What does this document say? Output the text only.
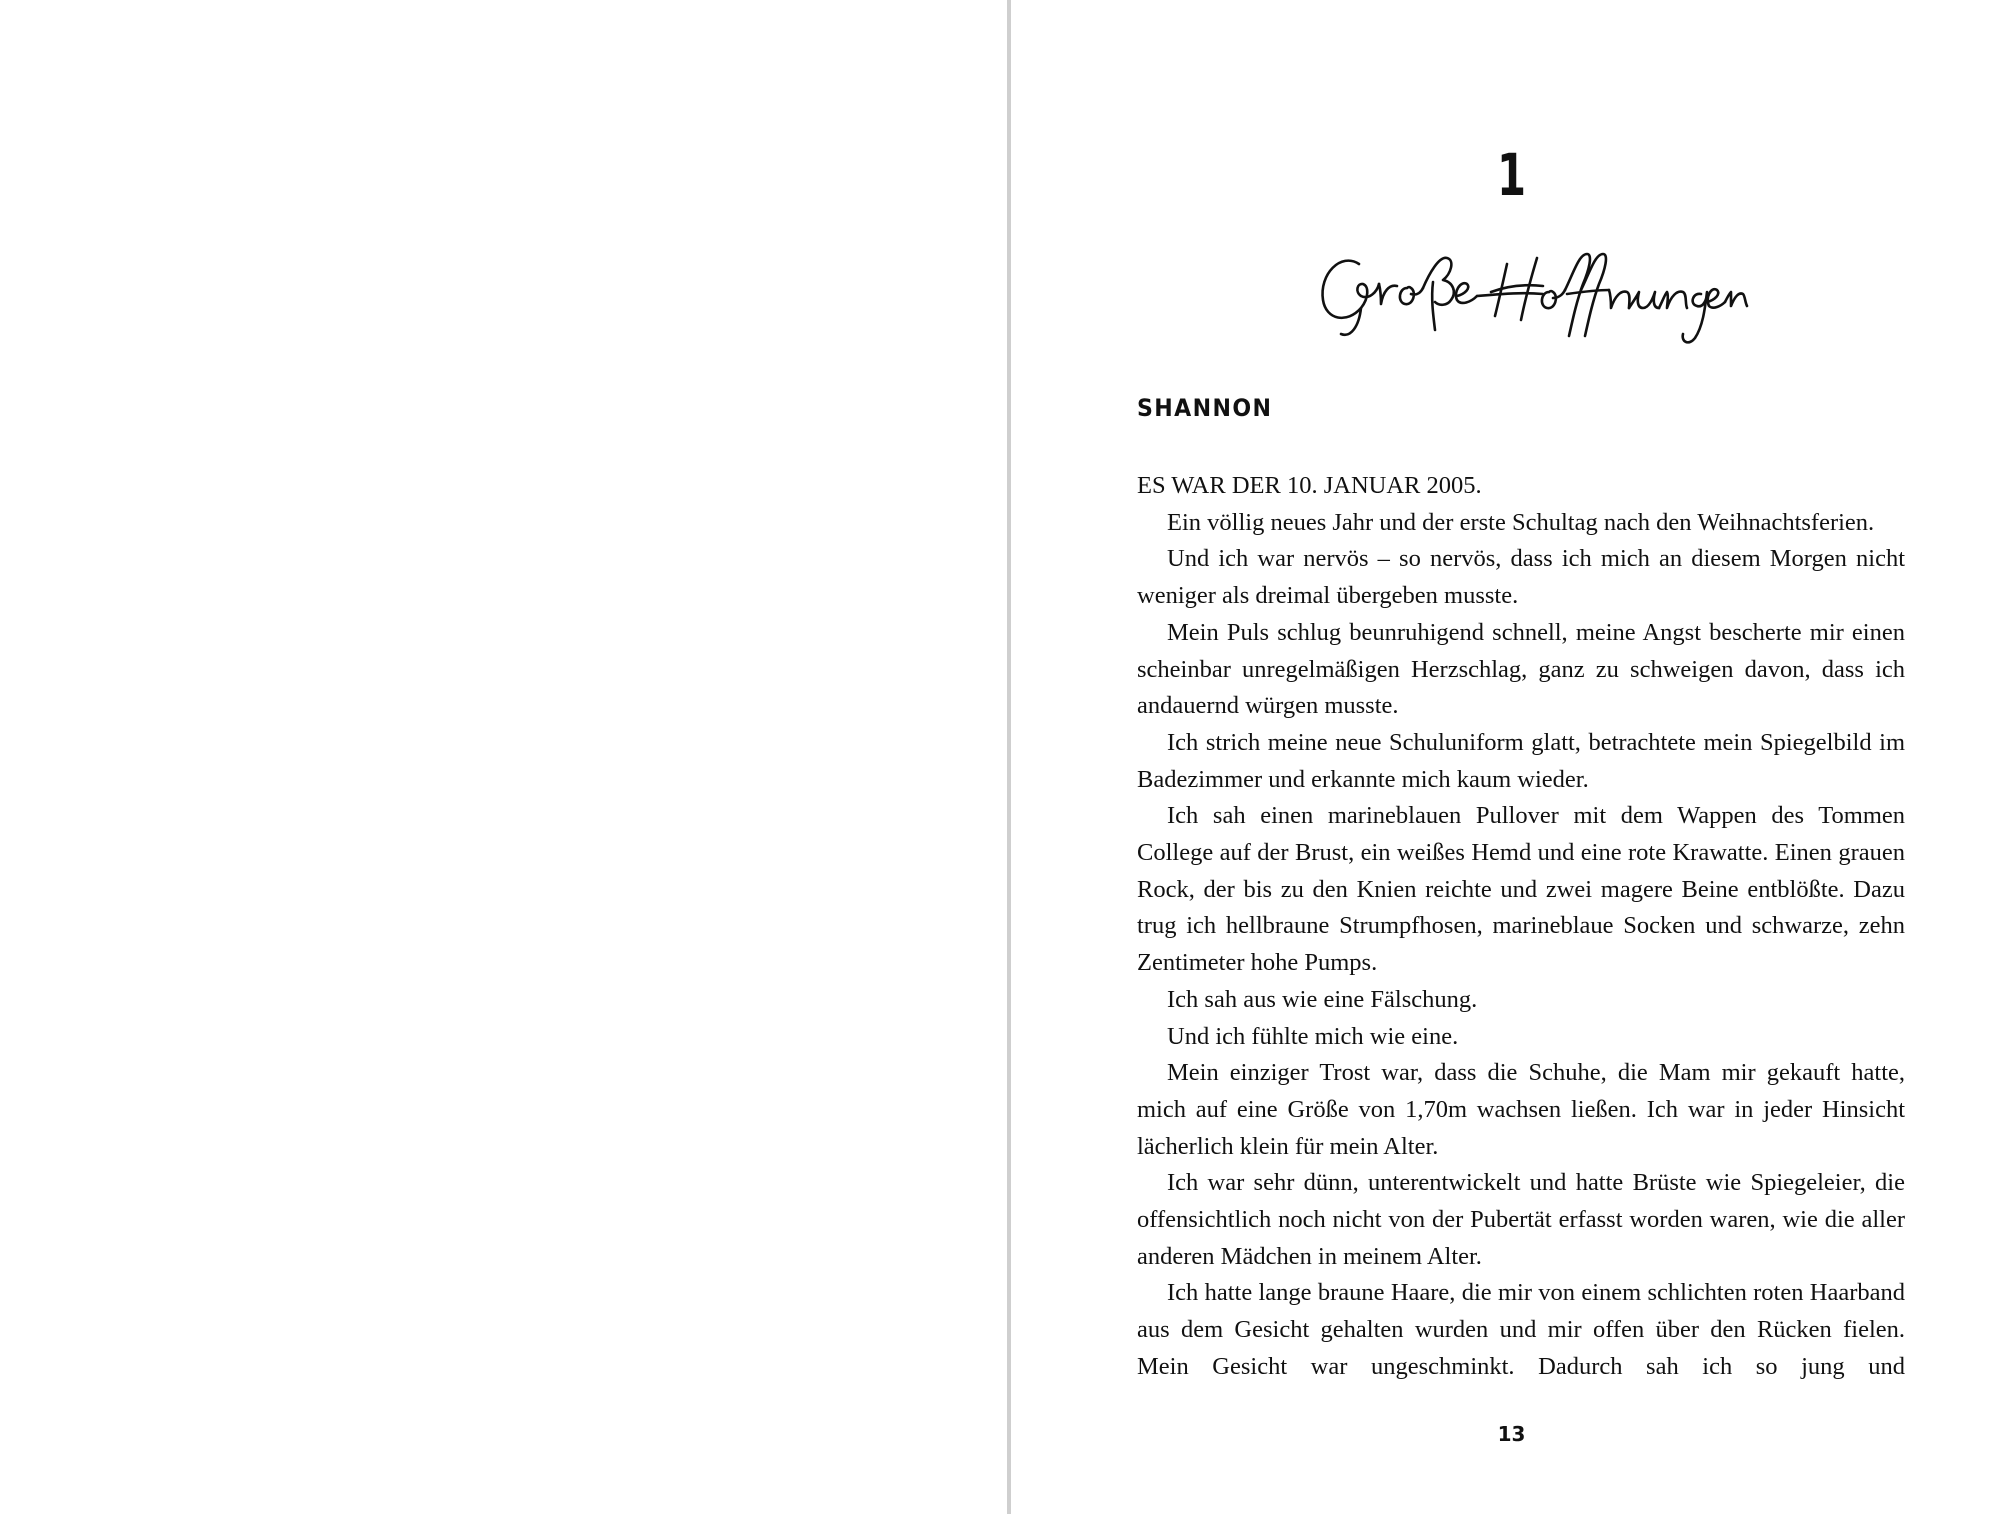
1
SHANNON

ES WAR DER 10. JANUAR 2005.

Ein völlig neues Jahr und der erste Schultag nach den Weihnachtsferien.

Und ich war nervös – so nervös, dass ich mich an diesem Morgen nicht weniger als dreimal übergeben musste.

Mein Puls schlug beunruhigend schnell, meine Angst bescherte mir einen scheinbar unregelmäßigen Herzschlag, ganz zu schweigen davon, dass ich andauernd würgen musste.

Ich strich meine neue Schuluniform glatt, betrachtete mein Spiegelbild im Badezimmer und erkannte mich kaum wieder.

Ich sah einen marineblauen Pullover mit dem Wappen des Tommen College auf der Brust, ein weißes Hemd und eine rote Krawatte. Einen grauen Rock, der bis zu den Knien reichte und zwei magere Beine entblößte. Dazu trug ich hellbraune Strumpfhosen, marineblaue Socken und schwarze, zehn Zentimeter hohe Pumps.

Ich sah aus wie eine Fälschung.

Und ich fühlte mich wie eine.

Mein einziger Trost war, dass die Schuhe, die Mam mir gekauft hatte, mich auf eine Größe von 1,70m wachsen ließen. Ich war in jeder Hinsicht lächerlich klein für mein Alter.

Ich war sehr dünn, unterentwickelt und hatte Brüste wie Spiegeleier, die offensichtlich noch nicht von der Pubertät erfasst worden waren, wie die aller anderen Mädchen in meinem Alter.

Ich hatte lange braune Haare, die mir von einem schlichten roten Haarband aus dem Gesicht gehalten wurden und mir offen über den Rücken fielen. Mein Gesicht war ungeschminkt. Dadurch sah ich so jung und

13
